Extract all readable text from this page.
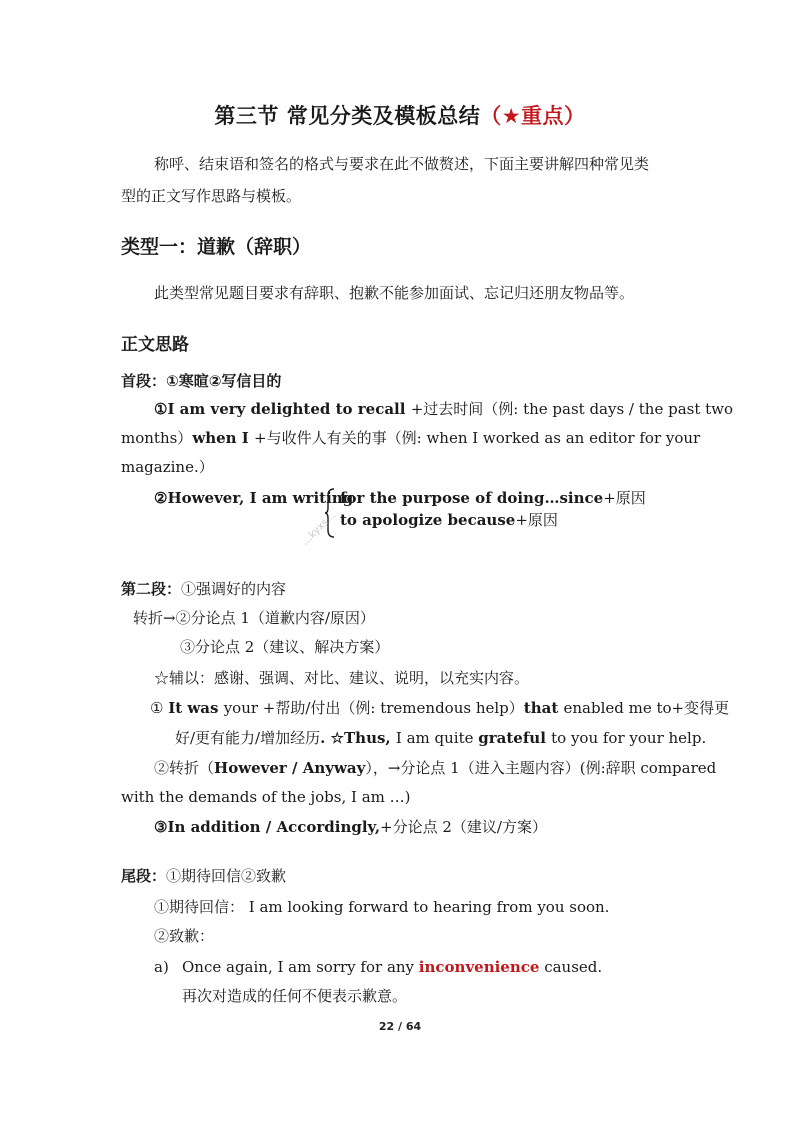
第三节 常见分类及模板总结（★重点）
称呼、结束语和签名的格式与要求在此不做赘述，下面主要讲解四种常见类
型的正文写作思路与模板。
类型一：道歉（辞职）
此类型常见题目要求有辞职、抱歉不能参加面试、忘记归还朋友物品等。
正文思路
首段：①寒暄②写信目的
①I am very delighted to recall +过去时间（例: the past days / the past two
months）when I +与收件人有关的事（例: when I worked as an editor for your
magazine.）
②However, I am writing
for the purpose of doing…since+原因
to apologize because+原因
第二段：①强调好的内容
转折→②分论点 1（道歉内容/原因）
③分论点 2（建议、解决方案）
☆辅以：感谢、强调、对比、建议、说明，以充实内容。
① It was your +帮助/付出（例: tremendous help）that enabled me to+变得更
好/更有能力/增加经历. ☆Thus, I am quite grateful to you for your help.
②转折（However / Anyway），→分论点 1（进入主题内容）(例:辞职 compared
with the demands of the jobs, I am …)
③In addition / Accordingly,+分论点 2（建议/方案）
尾段：①期待回信②致歉
①期待回信： I am looking forward to hearing from you soon.
②致歉：
a) Once again, I am sorry for any inconvenience caused.
再次对造成的任何不便表示歉意。
…kyxs…
22 / 64
